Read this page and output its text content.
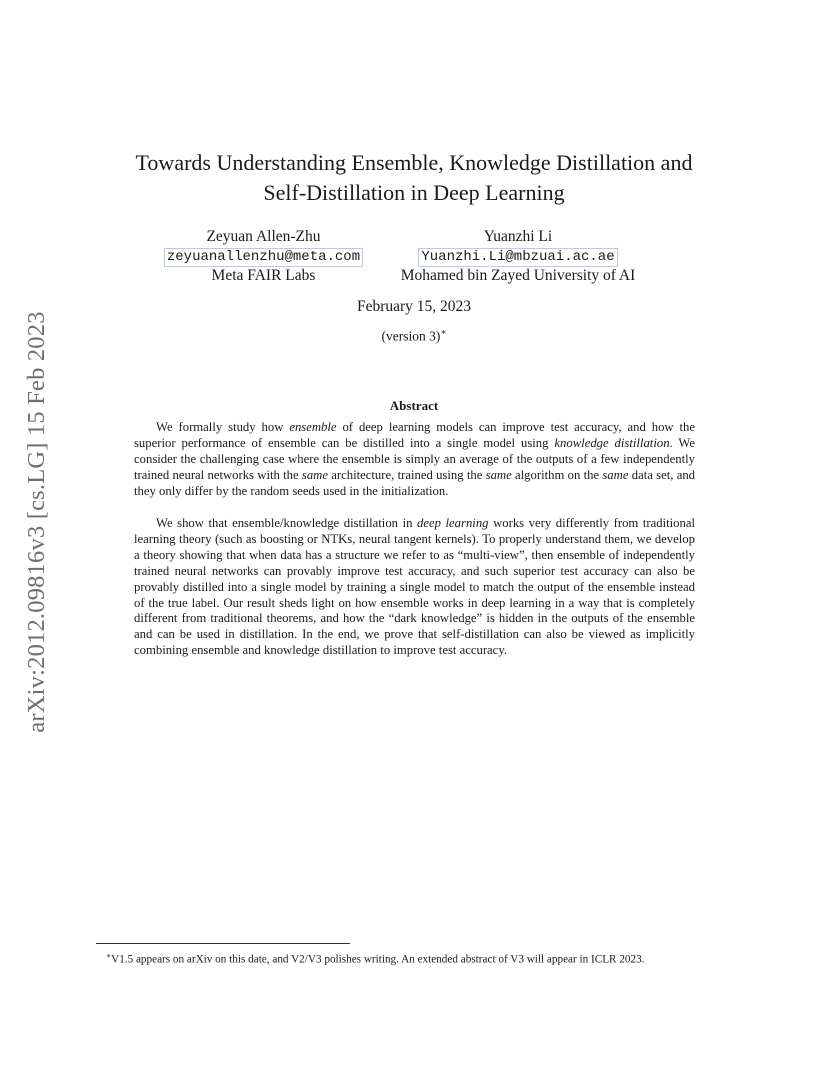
arXiv:2012.09816v3 [cs.LG] 15 Feb 2023
Towards Understanding Ensemble, Knowledge Distillation and
Self-Distillation in Deep Learning
Zeyuan Allen-Zhu
zeyuanallenzhu@meta.com
Meta FAIR Labs
Yuanzhi Li
Yuanzhi.Li@mbzuai.ac.ae
Mohamed bin Zayed University of AI
February 15, 2023
(version 3)∗
Abstract

We formally study how ensemble of deep learning models can improve test accuracy, and how the superior performance of ensemble can be distilled into a single model using knowledge distillation. We consider the challenging case where the ensemble is simply an average of the outputs of a few independently trained neural networks with the same architecture, trained using the same algorithm on the same data set, and they only differ by the random seeds used in the initialization.

We show that ensemble/knowledge distillation in deep learning works very differently from traditional learning theory (such as boosting or NTKs, neural tangent kernels). To properly understand them, we develop a theory showing that when data has a structure we refer to as “multi-view”, then ensemble of independently trained neural networks can provably improve test accuracy, and such superior test accuracy can also be provably distilled into a single model by training a single model to match the output of the ensemble instead of the true label. Our result sheds light on how ensemble works in deep learning in a way that is completely different from traditional theorems, and how the “dark knowledge” is hidden in the outputs of the ensemble and can be used in distillation. In the end, we prove that self-distillation can also be viewed as implicitly combining ensemble and knowledge distillation to improve test accuracy.

∗V1.5 appears on arXiv on this date, and V2/V3 polishes writing. An extended abstract of V3 will appear in ICLR 2023.
